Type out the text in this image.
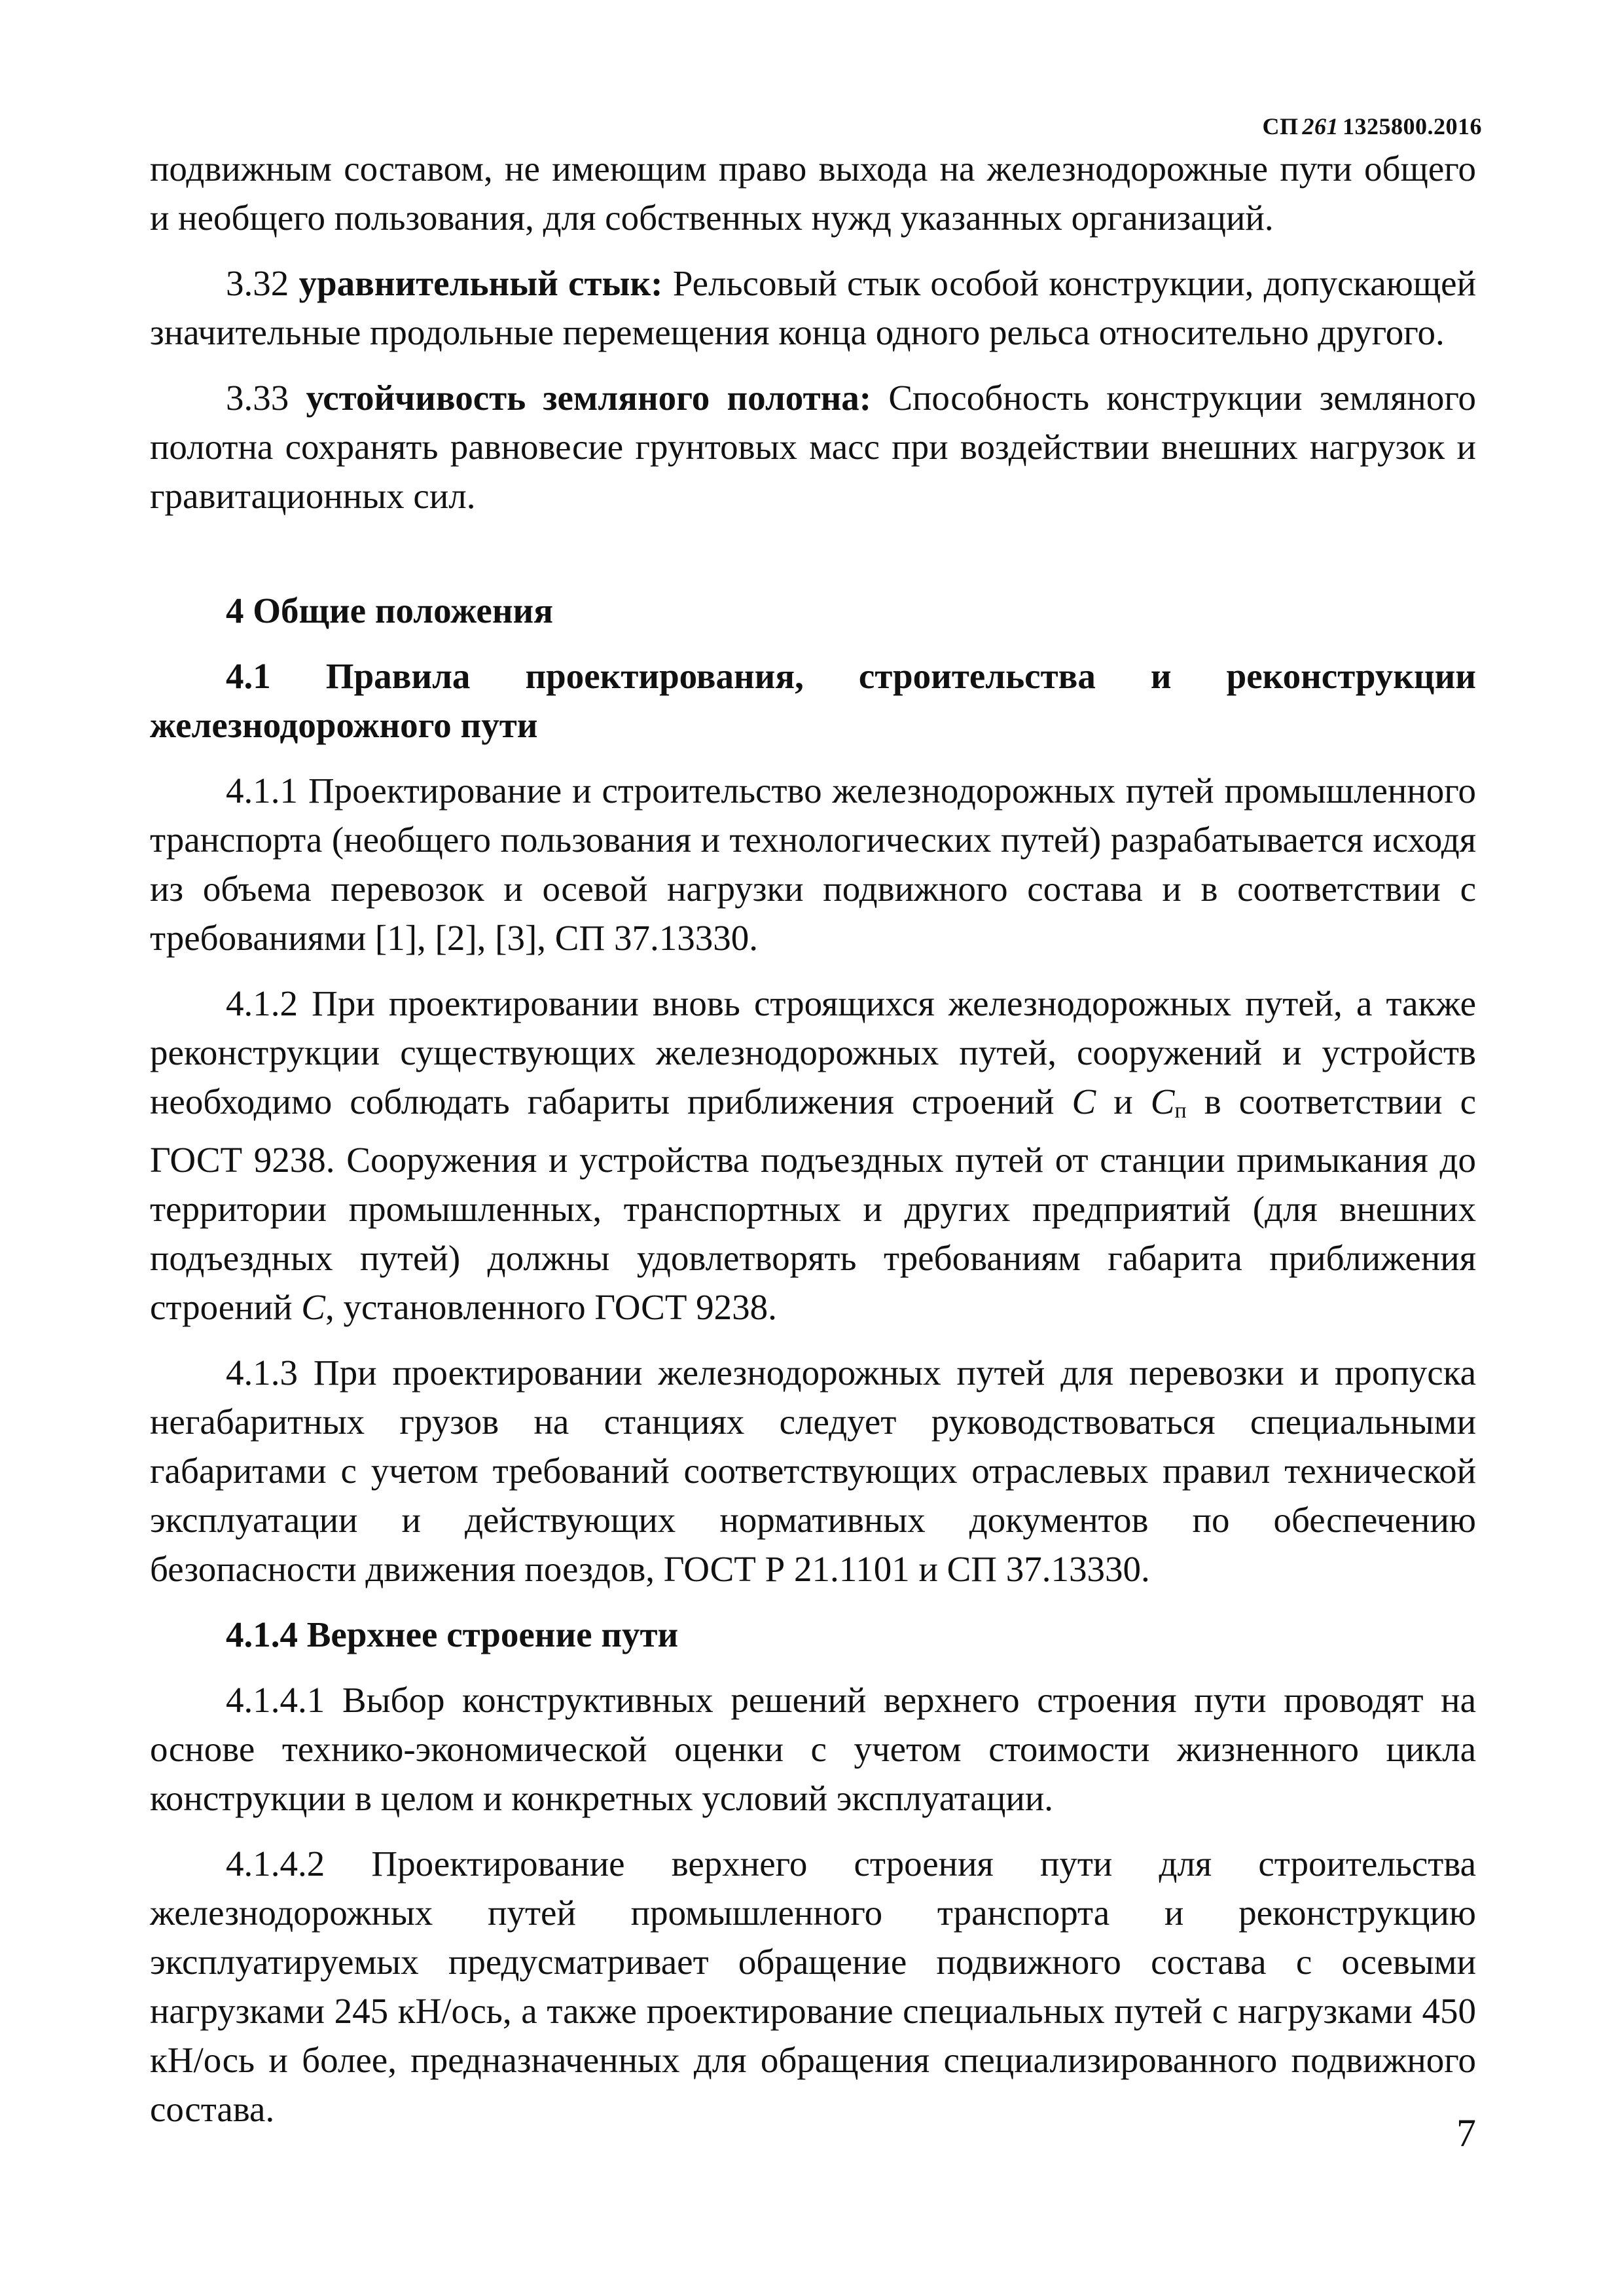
СП 261 1325800.2016

подвижным составом, не имеющим право выхода на железнодорожные пути общего и необщего пользования, для собственных нужд указанных организаций.

3.32 уравнительный стык: Рельсовый стык особой конструкции, допускающей значительные продольные перемещения конца одного рельса относительно другого.

3.33 устойчивость земляного полотна: Способность конструкции земляного полотна сохранять равновесие грунтовых масс при воздействии внешних нагрузок и гравитационных сил.

4 Общие положения

4.1 Правила проектирования, строительства и реконструкции железнодорожного пути

4.1.1 Проектирование и строительство железнодорожных путей промышленного транспорта (необщего пользования и технологических путей) разрабатывается исходя из объема перевозок и осевой нагрузки подвижного состава и в соответствии с требованиями [1], [2], [3], СП 37.13330.

4.1.2 При проектировании вновь строящихся железнодорожных путей, а также реконструкции существующих железнодорожных путей, сооружений и устройств необходимо соблюдать габариты приближения строений С и Сп в соответствии с ГОСТ 9238. Сооружения и устройства подъездных путей от станции примыкания до территории промышленных, транспортных и других предприятий (для внешних подъездных путей) должны удовлетворять требованиям габарита приближения строений С, установленного ГОСТ 9238.

4.1.3 При проектировании железнодорожных путей для перевозки и пропуска негабаритных грузов на станциях следует руководствоваться специальными габаритами с учетом требований соответствующих отраслевых правил технической эксплуатации и действующих нормативных документов по обеспечению безопасности движения поездов, ГОСТ Р 21.1101 и СП 37.13330.

4.1.4 Верхнее строение пути

4.1.4.1 Выбор конструктивных решений верхнего строения пути проводят на основе технико-экономической оценки с учетом стоимости жизненного цикла конструкции в целом и конкретных условий эксплуатации.

4.1.4.2 Проектирование верхнего строения пути для строительства железнодорожных путей промышленного транспорта и реконструкцию эксплуатируемых предусматривает обращение подвижного состава с осевыми нагрузками 245 кН/ось, а также проектирование специальных путей с нагрузками 450 кН/ось и более, предназначенных для обращения специализированного подвижного состава.

7
